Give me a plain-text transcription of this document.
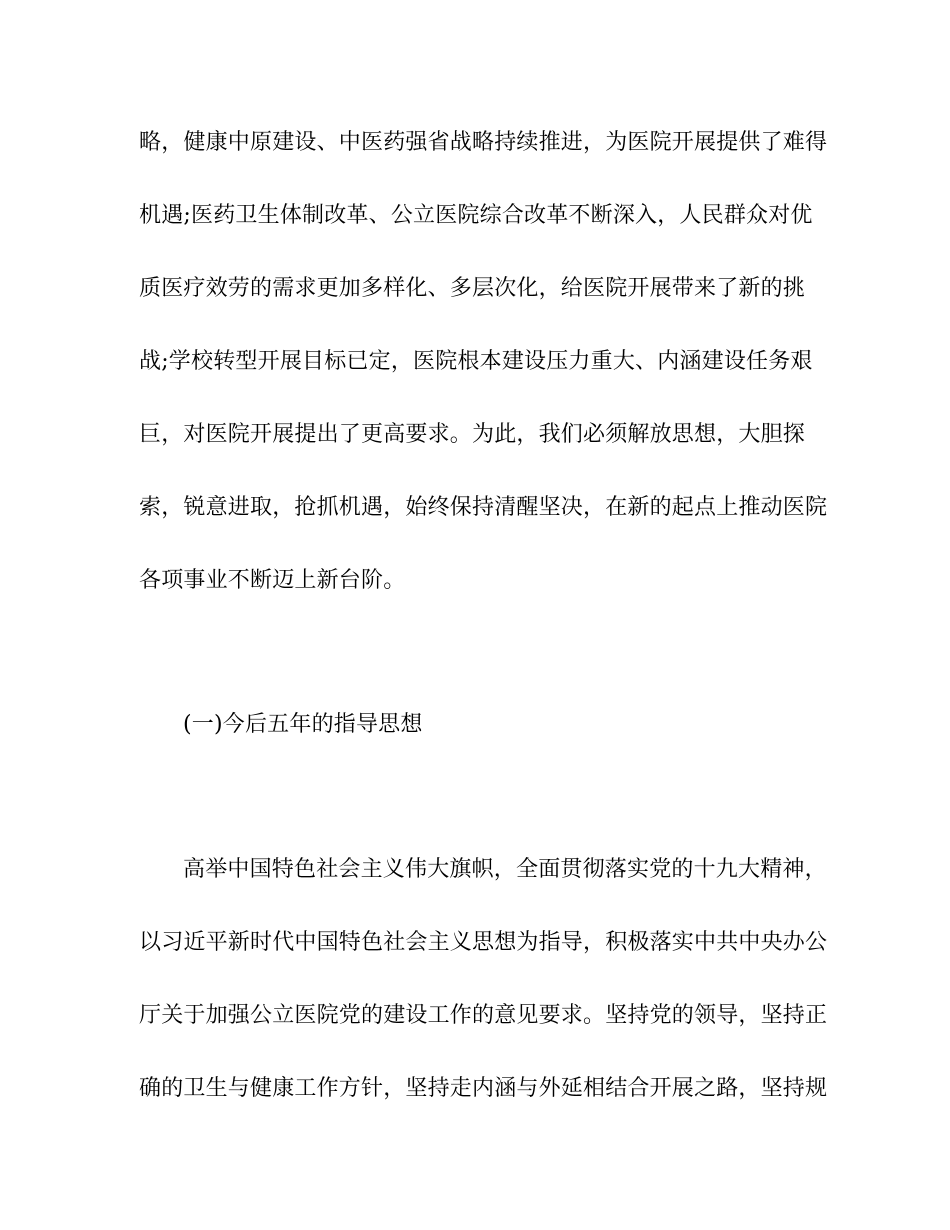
略，健康中原建设、中医药强省战略持续推进，为医院开展提供了难得
机遇;医药卫生体制改革、公立医院综合改革不断深入，人民群众对优
质医疗效劳的需求更加多样化、多层次化，给医院开展带来了新的挑
战;学校转型开展目标已定，医院根本建设压力重大、内涵建设任务艰
巨，对医院开展提出了更高要求。为此，我们必须解放思想，大胆探
索，锐意进取，抢抓机遇，始终保持清醒坚决，在新的起点上推动医院
各项事业不断迈上新台阶。
(一)今后五年的指导思想
高举中国特色社会主义伟大旗帜，全面贯彻落实党的十九大精神，
以习近平新时代中国特色社会主义思想为指导，积极落实中共中央办公
厅关于加强公立医院党的建设工作的意见要求。坚持党的领导，坚持正
确的卫生与健康工作方针，坚持走内涵与外延相结合开展之路，坚持规
